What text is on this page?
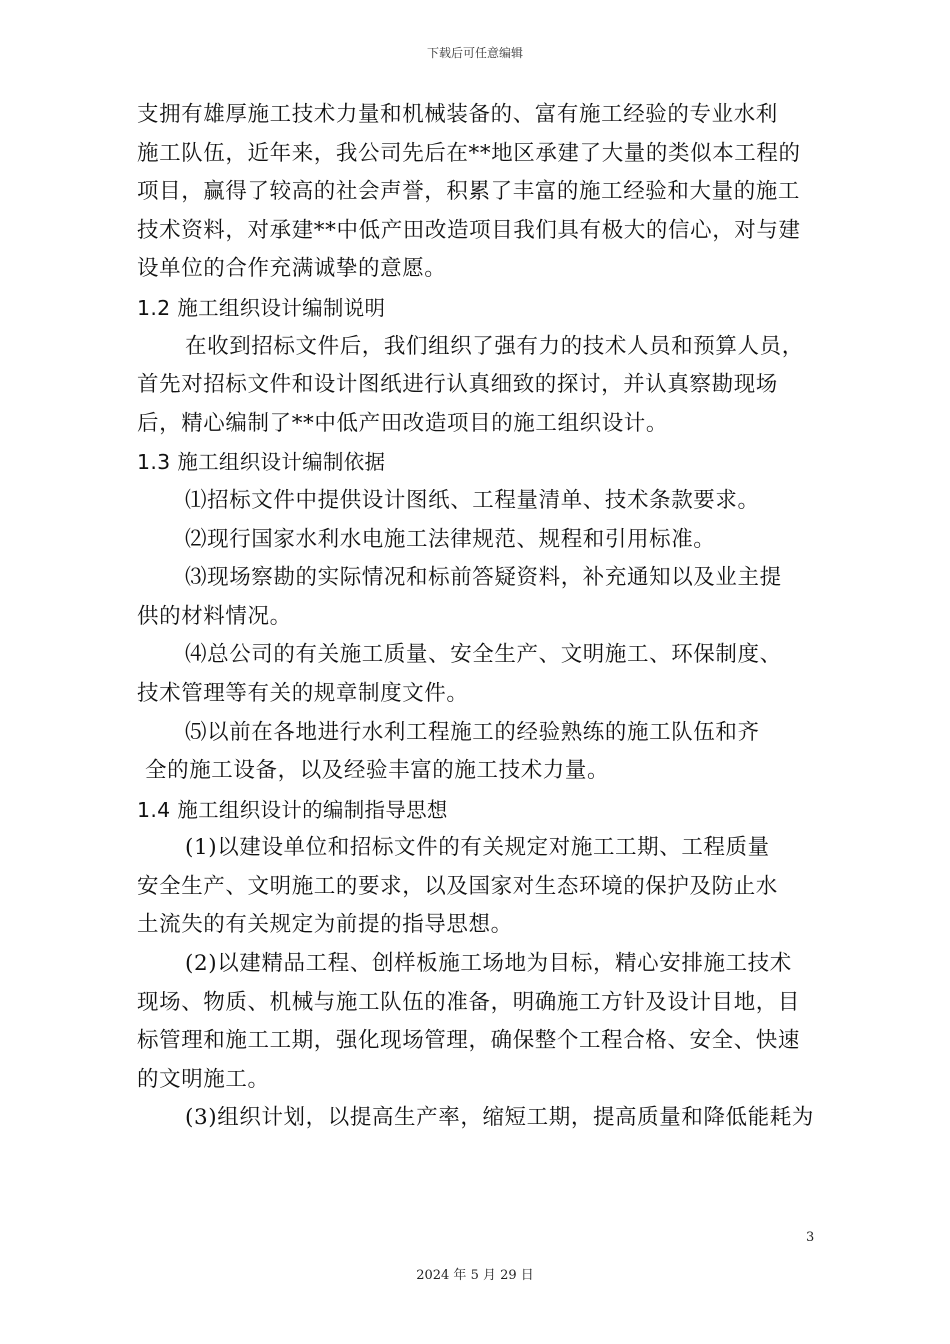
下载后可任意编辑
支拥有雄厚施工技术力量和机械装备的、富有施工经验的专业水利
施工队伍，近年来，我公司先后在**地区承建了大量的类似本工程的
项目，赢得了较高的社会声誉，积累了丰富的施工经验和大量的施工
技术资料，对承建**中低产田改造项目我们具有极大的信心，对与建
设单位的合作充满诚挚的意愿。
1.2 施工组织设计编制说明
在收到招标文件后，我们组织了强有力的技术人员和预算人员，
首先对招标文件和设计图纸进行认真细致的探讨，并认真察勘现场
后，精心编制了**中低产田改造项目的施工组织设计。
1.3 施工组织设计编制依据
⑴招标文件中提供设计图纸、工程量清单、技术条款要求。
⑵现行国家水利水电施工法律规范、规程和引用标准。
⑶现场察勘的实际情况和标前答疑资料，补充通知以及业主提
供的材料情况。
⑷总公司的有关施工质量、安全生产、文明施工、环保制度、
技术管理等有关的规章制度文件。
⑸以前在各地进行水利工程施工的经验熟练的施工队伍和齐
全的施工设备，以及经验丰富的施工技术力量。
1.4 施工组织设计的编制指导思想
(1)以建设单位和招标文件的有关规定对施工工期、工程质量
安全生产、文明施工的要求，以及国家对生态环境的保护及防止水
土流失的有关规定为前提的指导思想。
(2)以建精品工程、创样板施工场地为目标，精心安排施工技术
现场、物质、机械与施工队伍的准备，明确施工方针及设计目地，目
标管理和施工工期，强化现场管理，确保整个工程合格、安全、快速
的文明施工。
(3)组织计划，以提高生产率，缩短工期，提高质量和降低能耗为
3
2024 年 5 月 29 日
